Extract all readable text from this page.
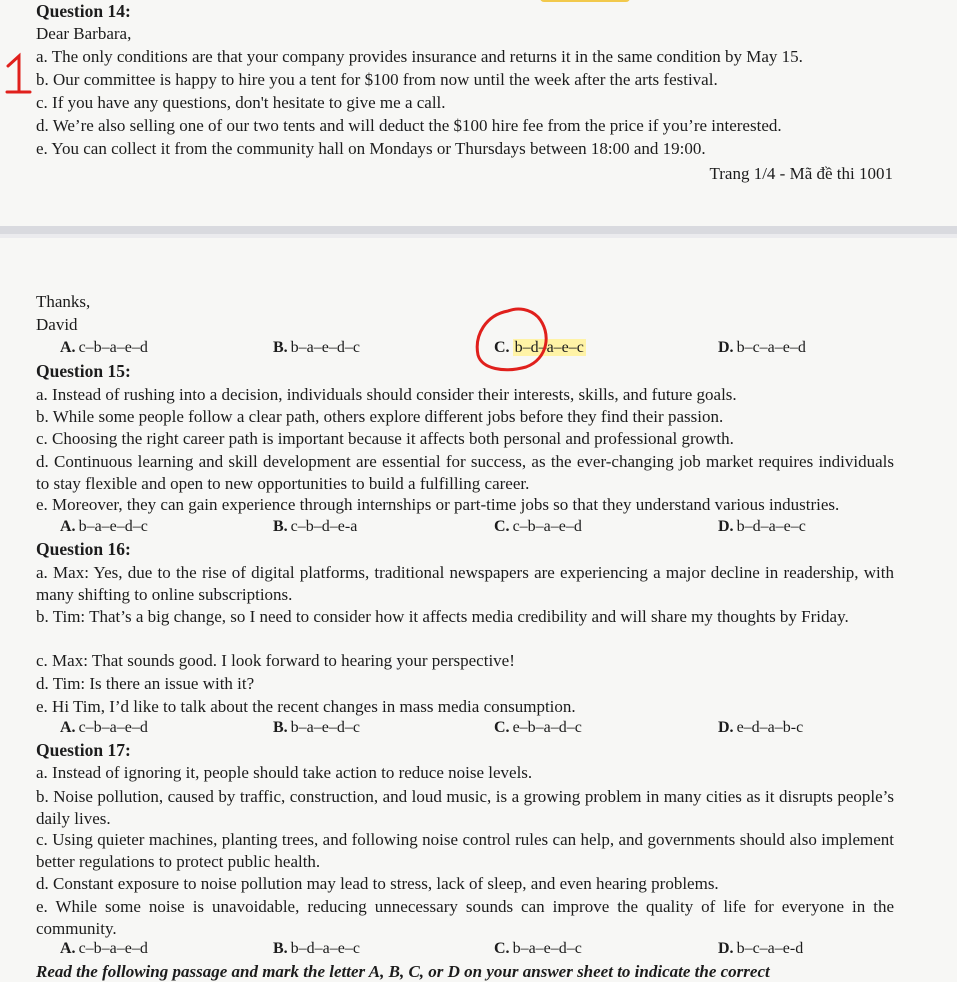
Question 14:
Dear Barbara,
a. The only conditions are that your company provides insurance and returns it in the same condition by May 15.
b. Our committee is happy to hire you a tent for $100 from now until the week after the arts festival.
c. If you have any questions, don't hesitate to give me a call.
d. We’re also selling one of our two tents and will deduct the $100 hire fee from the price if you’re interested.
e. You can collect it from the community hall on Mondays or Thursdays between 18:00 and 19:00.
Trang 1/4 - Mã đề thi 1001
Thanks,
David
A. c–b–a–e–d	B. b–a–e–d–c	C. b–d–a–e–c	D. b–c–a–e–d
Question 15:
a. Instead of rushing into a decision, individuals should consider their interests, skills, and future goals.
b. While some people follow a clear path, others explore different jobs before they find their passion.
c. Choosing the right career path is important because it affects both personal and professional growth.
d. Continuous learning and skill development are essential for success, as the ever-changing job market requires individuals to stay flexible and open to new opportunities to build a fulfilling career.
e. Moreover, they can gain experience through internships or part-time jobs so that they understand various industries.
A. b–a–e–d–c	B. c–b–d–e-a	C. c–b–a–e–d	D. b–d–a–e–c
Question 16:
a. Max: Yes, due to the rise of digital platforms, traditional newspapers are experiencing a major decline in readership, with many shifting to online subscriptions.
b. Tim: That’s a big change, so I need to consider how it affects media credibility and will share my thoughts by Friday.
c. Max: That sounds good. I look forward to hearing your perspective!
d. Tim: Is there an issue with it?
e. Hi Tim, I’d like to talk about the recent changes in mass media consumption.
A. c–b–a–e–d	B. b–a–e–d–c	C. e–b–a–d–c	D. e–d–a–b-c
Question 17:
a. Instead of ignoring it, people should take action to reduce noise levels.
b. Noise pollution, caused by traffic, construction, and loud music, is a growing problem in many cities as it disrupts people’s daily lives.
c. Using quieter machines, planting trees, and following noise control rules can help, and governments should also implement better regulations to protect public health.
d. Constant exposure to noise pollution may lead to stress, lack of sleep, and even hearing problems.
e. While some noise is unavoidable, reducing unnecessary sounds can improve the quality of life for everyone in the community.
A. c–b–a–e–d	B. b–d–a–e–c	C. b–a–e–d–c	D. b–c–a–e-d
Read the following passage and mark the letter A, B, C, or D on your answer sheet to indicate the correct
